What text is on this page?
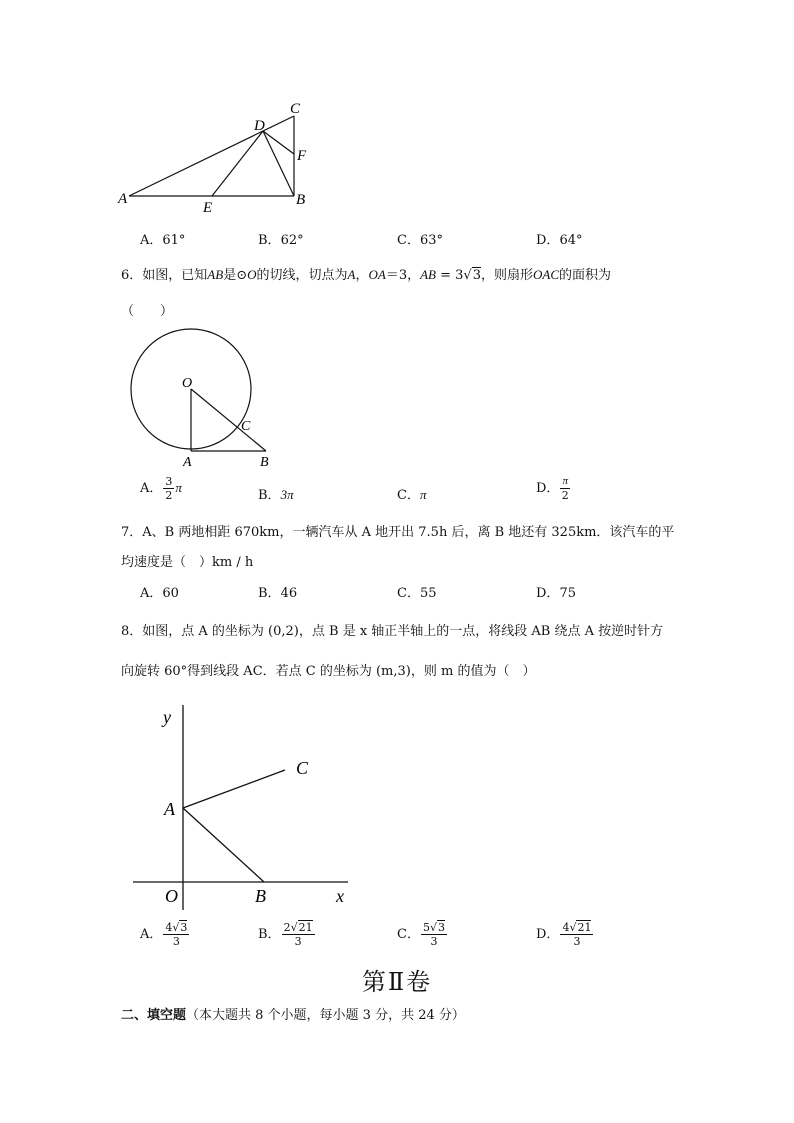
A
E	B
D
C
F
A．61°	B．62°	C．63°	D．64°
6．如图，已知AB是⊙O的切线，切点为A，OA＝3，AB = 3√3，则扇形OAC的面积为
（　　）
O
C
A	B
A． $\frac{3}{2}$ π
B．3π	C．π	D． $\frac{\pi}{2}$
7．A、B 两地相距 670km，一辆汽车从 A 地开出 7.5h 后，离 B 地还有 325km．该汽车的平
均速度是（　）km / h
A．60	B．46	C．55	D．75
8．如图，点 A 的坐标为 (0,2)，点 B 是 x 轴正半轴上的一点，将线段 AB 绕点 A 按逆时针方
向旋转 60°得到线段 AC．若点 C 的坐标为 (m,3)，则 m 的值为（　）
y
x
O
A
B
C
A． $\frac{4√3}{3}$	B． $\frac{2√21}{3}$	C． $\frac{5√3}{3}$	D． $\frac{4√21}{3}$
第Ⅱ卷
二、填空题（本大题共 8 个小题，每小题 3 分，共 24 分）
